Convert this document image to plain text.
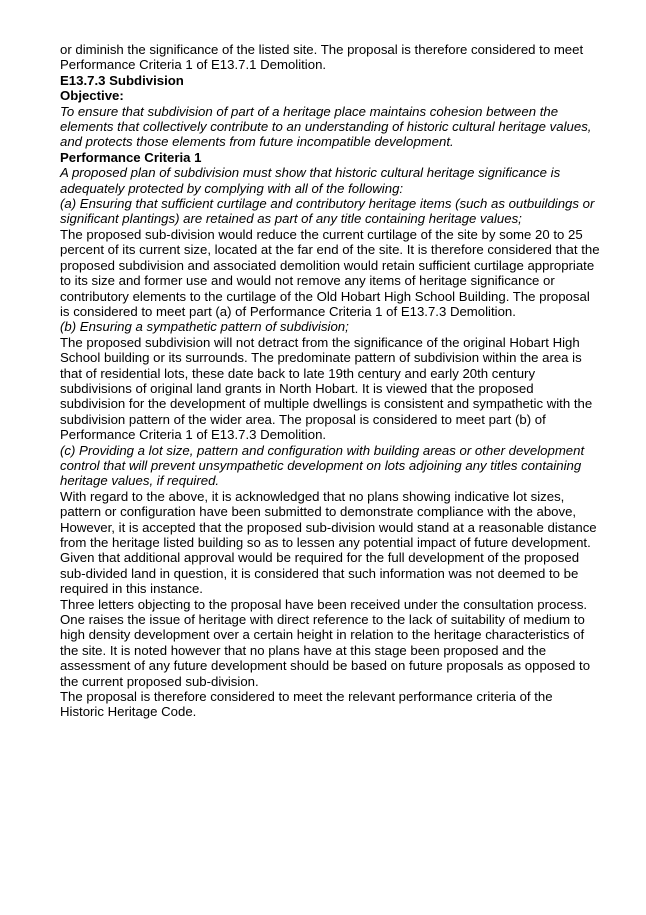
or diminish the significance of the listed site. The proposal is therefore considered to meet Performance Criteria 1 of E13.7.1 Demolition.

E13.7.3 Subdivision
Objective:

To ensure that subdivision of part of a heritage place maintains cohesion between the elements that collectively contribute to an understanding of historic cultural heritage values, and protects those elements from future incompatible development.

Performance Criteria 1

A proposed plan of subdivision must show that historic cultural heritage significance is adequately protected by complying with all of the following:

(a) Ensuring that sufficient curtilage and contributory heritage items (such as outbuildings or significant plantings) are retained as part of any title containing heritage values;

The proposed sub-division would reduce the current curtilage of the site by some 20 to 25 percent of its current size, located at the far end of the site. It is therefore considered that the proposed subdivision and associated demolition would retain sufficient curtilage appropriate to its size and former use and would not remove any items of heritage significance or contributory elements to the curtilage of the Old Hobart High School Building. The proposal is considered to meet part (a) of Performance Criteria 1 of E13.7.3 Demolition.

(b) Ensuring a sympathetic pattern of subdivision;

The proposed subdivision will not detract from the significance of the original Hobart High School building or its surrounds. The predominate pattern of subdivision within the area is that of residential lots, these date back to late 19th century and early 20th century subdivisions of original land grants in North Hobart. It is viewed that the proposed subdivision for the development of multiple dwellings is consistent and sympathetic with the subdivision pattern of the wider area. The proposal is considered to meet part (b) of Performance Criteria 1 of E13.7.3 Demolition.

(c) Providing a lot size, pattern and configuration with building areas or other development control that will prevent unsympathetic development on lots adjoining any titles containing heritage values, if required.

With regard to the above, it is acknowledged that no plans showing indicative lot sizes, pattern or configuration have been submitted to demonstrate compliance with the above, However, it is accepted that the proposed sub-division would stand at a reasonable distance from the heritage listed building so as to lessen any potential impact of future development. Given that additional approval would be required for the full development of the proposed sub-divided land in question, it is considered that such information was not deemed to be required in this instance.

Three letters objecting to the proposal have been received under the consultation process. One raises the issue of heritage with direct reference to the lack of suitability of medium to high density development over a certain height in relation to the heritage characteristics of the site. It is noted however that no plans have at this stage been proposed and the assessment of any future development should be based on future proposals as opposed to the current proposed sub-division.

The proposal is therefore considered to meet the relevant performance criteria of the Historic Heritage Code.
